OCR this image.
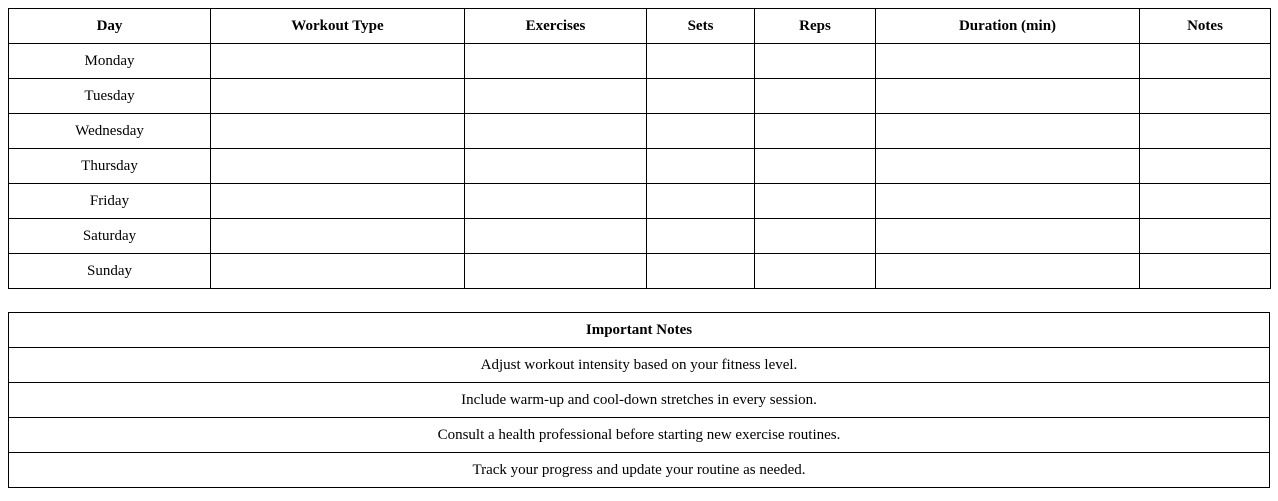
Day	Workout Type	Exercises	Sets	Reps	Duration (min)	Notes
Monday						
Tuesday						
Wednesday						
Thursday						
Friday						
Saturday						
Sunday						
Important Notes
Adjust workout intensity based on your fitness level.
Include warm-up and cool-down stretches in every session.
Consult a health professional before starting new exercise routines.
Track your progress and update your routine as needed.
